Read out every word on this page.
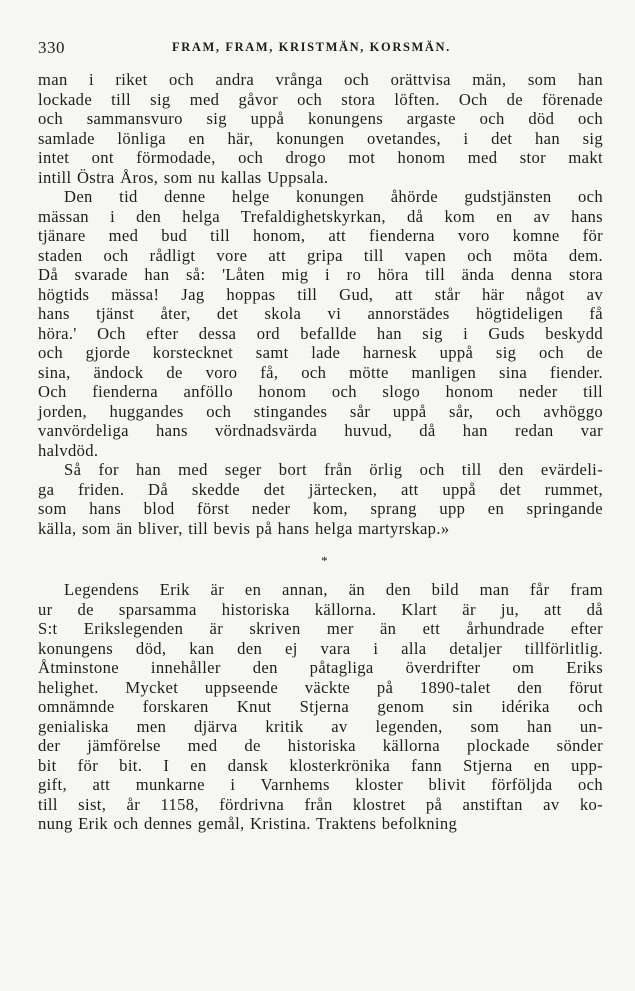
330	FRAM, FRAM, KRISTMÄN, KORSMÄN.
man i riket och andra vrånga och orättvisa män, som han
lockade till sig med gåvor och stora löften. Och de förenade
och sammansvuro sig uppå konungens argaste och död och
samlade lönliga en här, konungen ovetandes, i det han sig
intet ont förmodade, och drogo mot honom med stor makt
intill Östra Åros, som nu kallas Uppsala.
Den tid denne helge konungen åhörde gudstjänsten och
mässan i den helga Trefaldighetskyrkan, då kom en av hans
tjänare med bud till honom, att fienderna voro komne för
staden och rådligt vore att gripa till vapen och möta dem.
Då svarade han så: 'Låten mig i ro höra till ända denna stora
högtids mässa! Jag hoppas till Gud, att står här något av
hans tjänst åter, det skola vi annorstädes högtideligen få
höra.' Och efter dessa ord befallde han sig i Guds beskydd
och gjorde korstecknet samt lade harnesk uppå sig och de
sina, ändock de voro få, och mötte manligen sina fiender.
Och fienderna anföllo honom och slogo honom neder till
jorden, huggandes och stingandes sår uppå sår, och avhöggo
vanvördeliga hans vördnadsvärda huvud, då han redan var
halvdöd.
Så for han med seger bort från örlig och till den evärdeli-
ga friden. Då skedde det järtecken, att uppå det rummet,
som hans blod först neder kom, sprang upp en springande
källa, som än bliver, till bevis på hans helga martyrskap.»
*
Legendens Erik är en annan, än den bild man får fram
ur de sparsamma historiska källorna. Klart är ju, att då
S:t Erikslegenden är skriven mer än ett århundrade efter
konungens död, kan den ej vara i alla detaljer tillförlitlig.
Åtminstone innehåller den påtagliga överdrifter om Eriks
helighet. Mycket uppseende väckte på 1890-talet den förut
omnämnde forskaren Knut Stjerna genom sin idérika och
genialiska men djärva kritik av legenden, som han un-
der jämförelse med de historiska källorna plockade sönder
bit för bit. I en dansk klosterkrönika fann Stjerna en upp-
gift, att munkarne i Varnhems kloster blivit förföljda och
till sist, år 1158, fördrivna från klostret på anstiftan av ko-
nung Erik och dennes gemål, Kristina. Traktens befolkning
